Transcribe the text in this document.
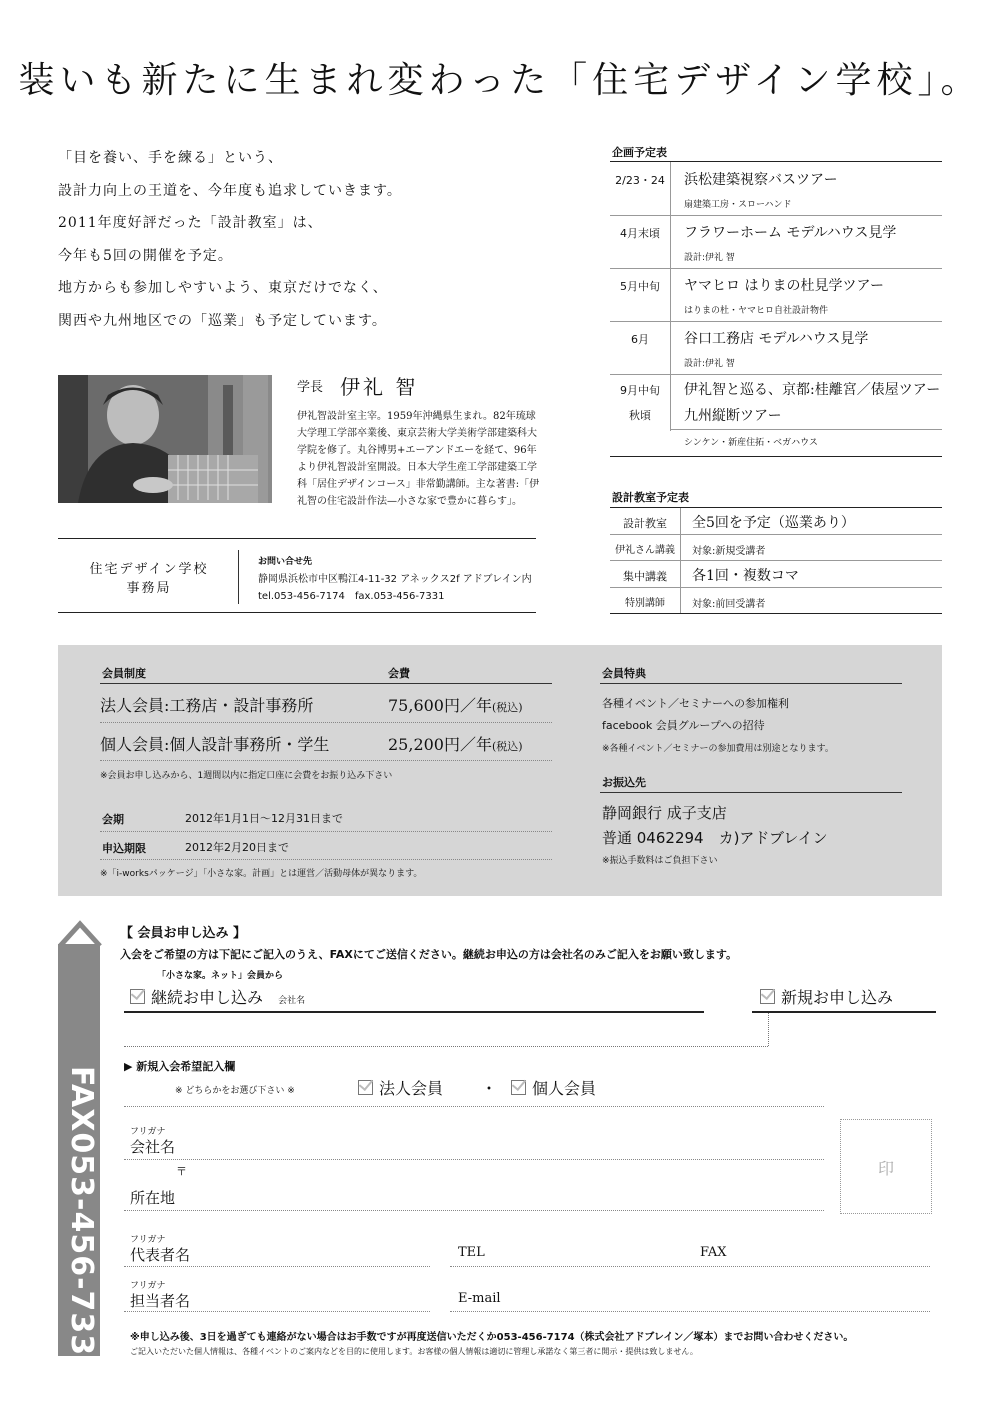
装いも新たに生まれ変わった「住宅デザイン学校」。
「目を養い、手を練る」という、
設計力向上の王道を、今年度も追求していきます。
2011年度好評だった「設計教室」は、
今年も5回の開催を予定。
地方からも参加しやすいよう、東京だけでなく、
関西や九州地区での「巡業」も予定しています。
学長 伊礼 智
伊礼智設計室主宰。1959年沖縄県生まれ。82年琉球大学理工学部卒業後、東京芸術大学美術学部建築科大学院を修了。丸谷博男+エーアンドエーを経て、96年より伊礼智設計室開設。日本大学生産工学部建築工学科「居住デザインコース」非常勤講師。主な著書:「伊礼智の住宅設計作法—小さな家で豊かに暮らす」。
住宅デザイン学校
事務局
お問い合せ先
静岡県浜松市中区鴨江4-11-32 アネックス2f アドブレイン内
tel.053-456-7174　fax.053-456-7331
企画予定表
2/23・24	浜松建築視察バスツアー
扇建築工房・スローハンド
4月末頃	フラワーホーム モデルハウス見学
設計:伊礼 智
5月中旬	ヤマヒロ はりまの杜見学ツアー
はりまの杜・ヤマヒロ自社設計物件
6月	谷口工務店 モデルハウス見学
設計:伊礼 智
9月中旬	伊礼智と巡る、京都:桂離宮／俵屋ツアー
秋頃	九州縦断ツアー
シンケン・新産住拓・ベガハウス
設計教室予定表
設計教室	全5回を予定（巡業あり）
伊礼さん講義	対象:新規受講者
集中講義	各1回・複数コマ
特別講師	対象:前回受講者
会員制度	会費
法人会員:工務店・設計事務所	75,600円／年(税込)
個人会員:個人設計事務所・学生	25,200円／年(税込)
※会員お申し込みから、1週間以内に指定口座に会費をお振り込み下さい
会期	2012年1月1日〜12月31日まで
申込期限	2012年2月20日まで
※「i-worksパッケージ」「小さな家。計画」とは運営／活動母体が異なります。
会員特典
各種イベント／セミナーへの参加権利
facebook 会員グループへの招待
※各種イベント／セミナーの参加費用は別途となります。
お振込先
静岡銀行 成子支店
普通 0462294　カ)アドブレイン
※振込手数料はご負担下さい
FAX053-456-7331
【 会員お申し込み 】
入会をご希望の方は下記にご記入のうえ、FAXにてご送信ください。継続お申込の方は会社名のみご記入をお願い致します。
「小さな家。ネット」会員から
継続お申し込み 会社名	新規お申し込み
▶ 新規入会希望記入欄
※ どちらかをお選び下さい ※	法人会員 ・	個人会員
フリガナ
会社名
〒
所在地
印
フリガナ
代表者名	TEL	FAX
フリガナ
担当者名	E-mail
※申し込み後、3日を過ぎても連絡がない場合はお手数ですが再度送信いただくか053-456-7174（株式会社アドブレイン／塚本）までお問い合わせください。
ご記入いただいた個人情報は、各種イベントのご案内などを目的に使用します。お客様の個人情報は適切に管理し承諾なく第三者に開示・提供は致しません。
